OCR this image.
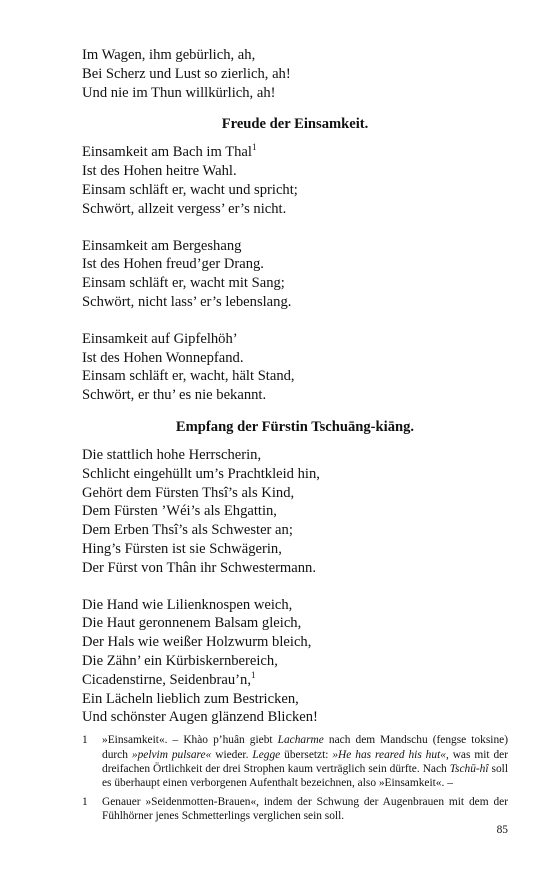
Im Wagen, ihm gebürlich, ah,
Bei Scherz und Lust so zierlich, ah!
Und nie im Thun willkürlich, ah!
Freude der Einsamkeit.
Einsamkeit am Bach im Thal$^1$
Ist des Hohen heitre Wahl.
Einsam schläft er, wacht und spricht;
Schwört, allzeit vergess’ er’s nicht.
Einsamkeit am Bergeshang
Ist des Hohen freud’ger Drang.
Einsam schläft er, wacht mit Sang;
Schwört, nicht lass’ er’s lebenslang.
Einsamkeit auf Gipfelhöh’
Ist des Hohen Wonnepfand.
Einsam schläft er, wacht, hält Stand,
Schwört, er thu’ es nie bekannt.
Empfang der Fürstin Tschuāng-kiāng.
Die stattlich hohe Herrscherin,
Schlicht eingehüllt um’s Prachtkleid hin,
Gehört dem Fürsten Thsî’s als Kind,
Dem Fürsten ’Wéi’s als Ehgattin,
Dem Erben Thsî’s als Schwester an;
Hing’s Fürsten ist sie Schwägerin,
Der Fürst von Thân ihr Schwestermann.
Die Hand wie Lilienknospen weich,
Die Haut geronnenem Balsam gleich,
Der Hals wie weißer Holzwurm bleich,
Die Zähn’ ein Kürbiskernbereich,
Cicadenstirne, Seidenbrau’n,$^1$
Ein Lächeln lieblich zum Bestricken,
Und schönster Augen glänzend Blicken!
1	»Einsamkeit«. – Khào p’huân giebt Lacharme nach dem Mandschu (fengse toksine) durch »pelvim pulsare« wieder. Legge übersetzt: »He has reared his hut«, was mit der dreifachen Örtlichkeit der drei Strophen kaum verträglich sein dürfte. Nach Tschū-hî soll es überhaupt einen verborgenen Aufenthalt bezeichnen, also »Einsamkeit«. –
1	Genauer »Seidenmotten-Brauen«, indem der Schwung der Augenbrauen mit dem der Fühlhörner jenes Schmetterlings verglichen sein soll.
85
